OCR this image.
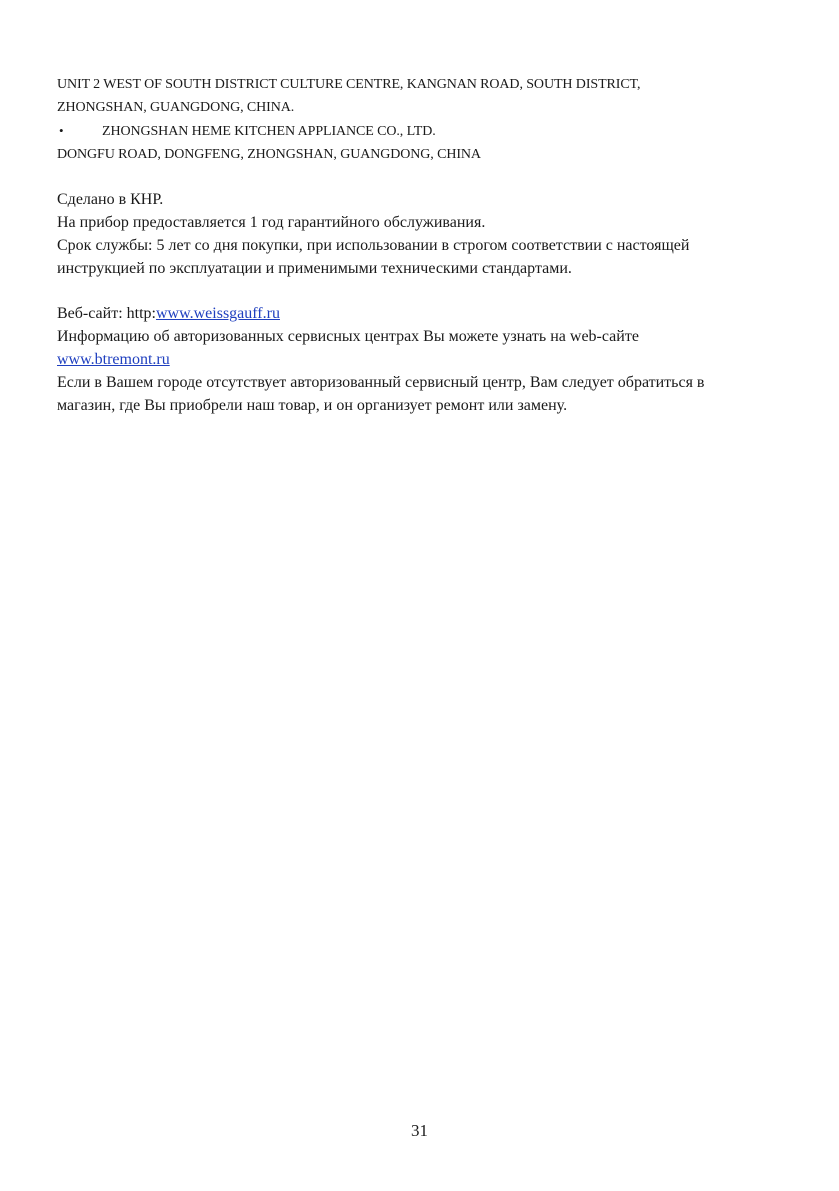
UNIT 2 WEST OF SOUTH DISTRICT CULTURE CENTRE, KANGNAN ROAD, SOUTH DISTRICT,
ZHONGSHAN, GUANGDONG, CHINA.
•	ZHONGSHAN HEME KITCHEN APPLIANCE CO., LTD.
DONGFU ROAD, DONGFENG, ZHONGSHAN, GUANGDONG, CHINA
Сделано в КНР.
На прибор предоставляется 1 год гарантийного обслуживания.
Срок службы: 5 лет со дня покупки, при использовании в строгом соответствии с настоящей
инструкцией по эксплуатации и применимыми техническими стандартами.
Веб-сайт: http:www.weissgauff.ru
Информацию об авторизованных сервисных центрах Вы можете узнать на web-сайте
www.btremont.ru
Если в Вашем городе отсутствует авторизованный сервисный центр, Вам следует обратиться в
магазин, где Вы приобрели наш товар, и он организует ремонт или замену.
31
